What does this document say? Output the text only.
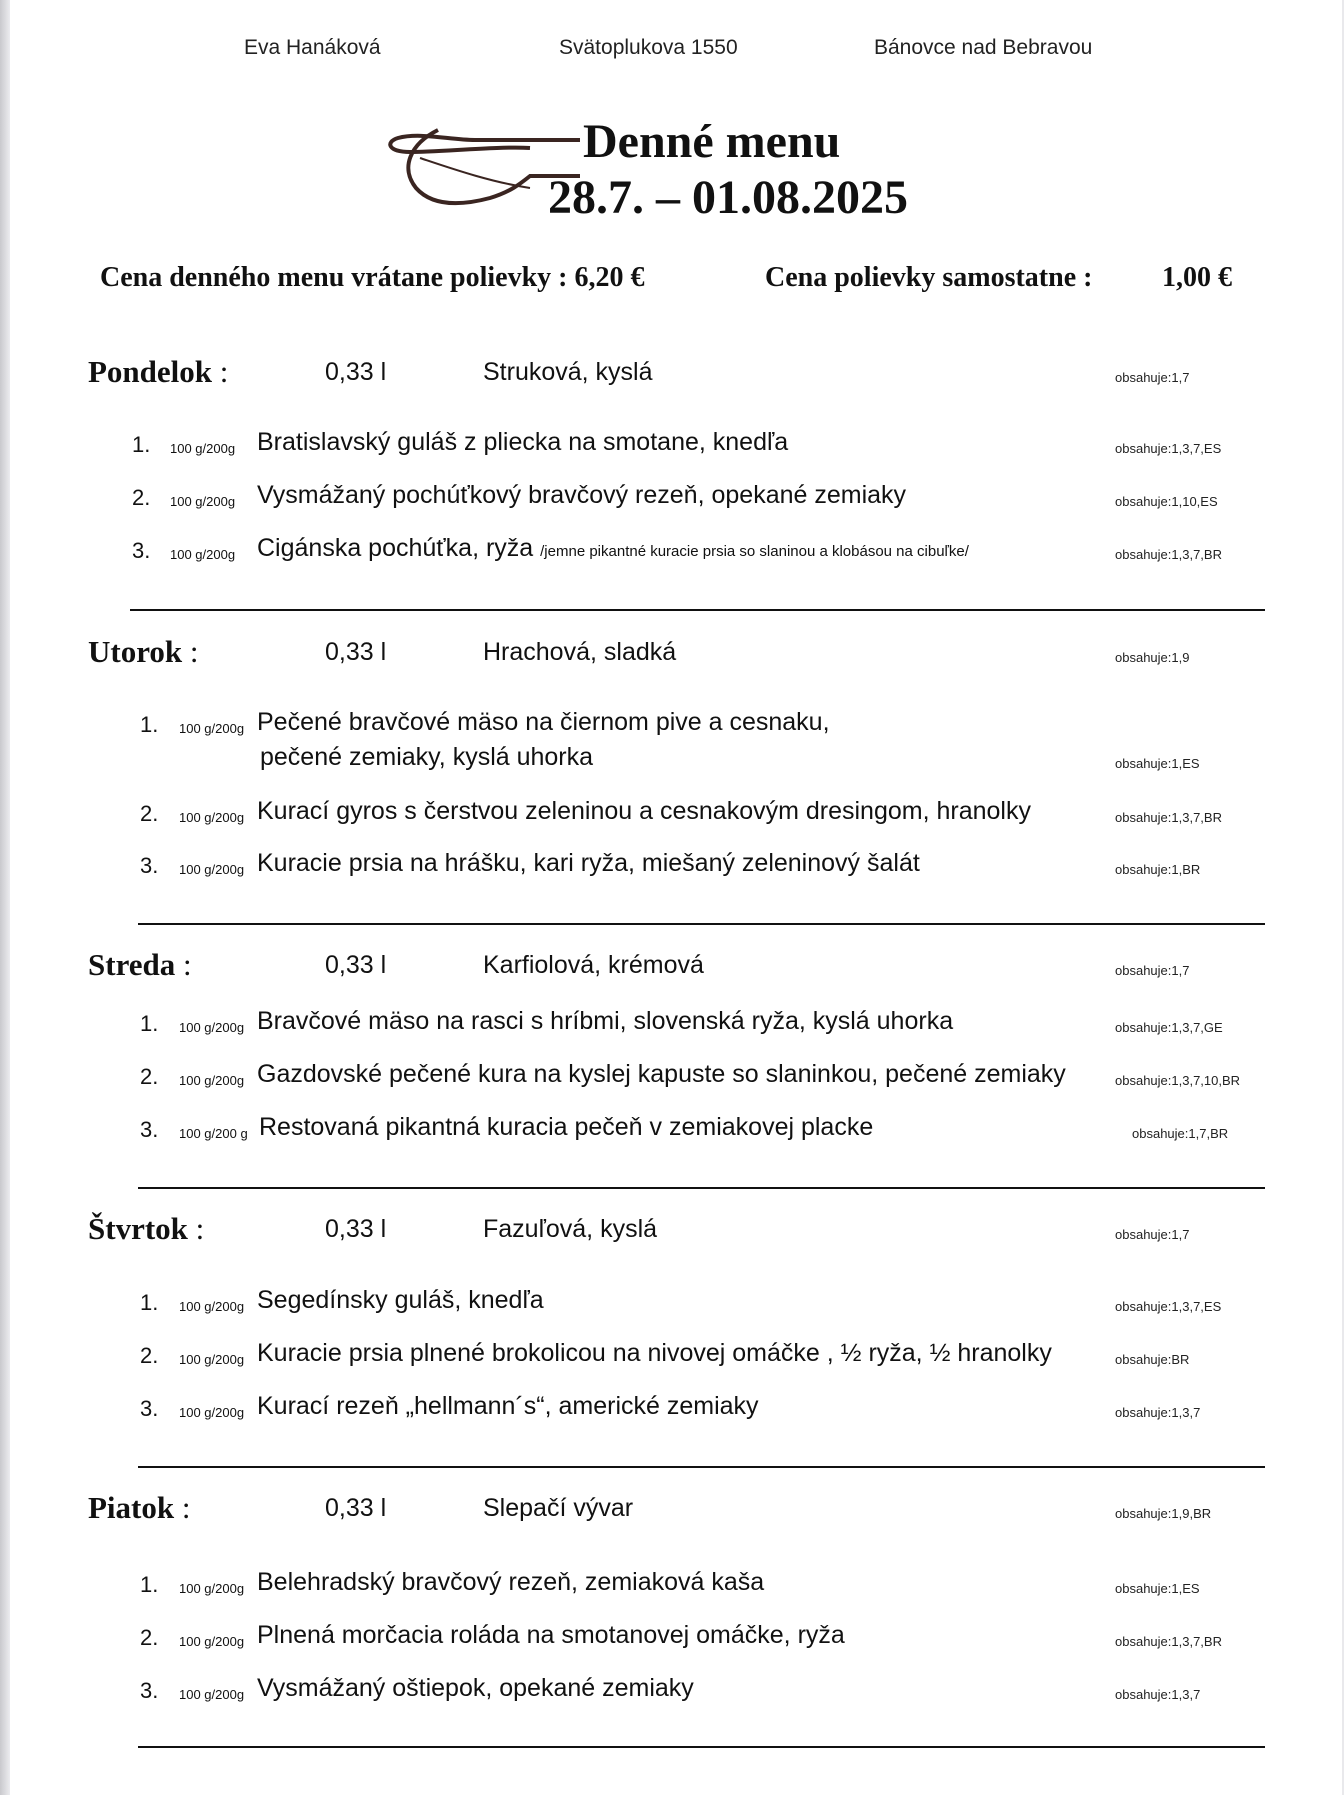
Eva Hanáková	Svätoplukova 1550	Bánovce nad Bebravou
Denné menu
28.7. – 01.08.2025
Cena denného menu vrátane polievky : 6,20 €	Cena polievky samostatne : 1,00 €
Pondelok :	0,33 l	Struková, kyslá	obsahuje:1,7
1. 100 g/200g Bratislavský guláš z pliecka na smotane, knedľa	obsahuje:1,3,7,ES
2. 100 g/200g Vysmážaný pochúťkový bravčový rezeň, opekané zemiaky	obsahuje:1,10,ES
3. 100 g/200g Cigánska pochúťka, ryža /jemne pikantné kuracie prsia so slaninou a klobásou na cibuľke/	obsahuje:1,3,7,BR
Utorok :	0,33 l	Hrachová, sladká	obsahuje:1,9
1. 100 g/200g Pečené bravčové mäso na čiernom pive a cesnaku,
pečené zemiaky, kyslá uhorka	obsahuje:1,ES
2. 100 g/200g Kurací gyros s čerstvou zeleninou a cesnakovým dresingom, hranolky	obsahuje:1,3,7,BR
3. 100 g/200g Kuracie prsia na hrášku, kari ryža, miešaný zeleninový šalát	obsahuje:1,BR
Streda :	0,33 l	Karfiolová, krémová	obsahuje:1,7
1. 100 g/200g Bravčové mäso na rasci s hríbmi, slovenská ryža, kyslá uhorka	obsahuje:1,3,7,GE
2. 100 g/200g Gazdovské pečené kura na kyslej kapuste so slaninkou, pečené zemiaky	obsahuje:1,3,7,10,BR
3. 100 g/200 g Restovaná pikantná kuracia pečeň v zemiakovej placke	obsahuje:1,7,BR
Štvrtok :	0,33 l	Fazuľová, kyslá	obsahuje:1,7
1. 100 g/200g Segedínsky guláš, knedľa	obsahuje:1,3,7,ES
2. 100 g/200g Kuracie prsia plnené brokolicou na nivovej omáčke , ½ ryža, ½ hranolky	obsahuje:BR
3. 100 g/200g Kurací rezeň „hellmann´s“, americké zemiaky	obsahuje:1,3,7
Piatok :	0,33 l	Slepačí vývar	obsahuje:1,9,BR
1. 100 g/200g Belehradský bravčový rezeň, zemiaková kaša	obsahuje:1,ES
2. 100 g/200g Plnená morčacia roláda na smotanovej omáčke, ryža	obsahuje:1,3,7,BR
3. 100 g/200g Vysmážaný oštiepok, opekané zemiaky	obsahuje:1,3,7
